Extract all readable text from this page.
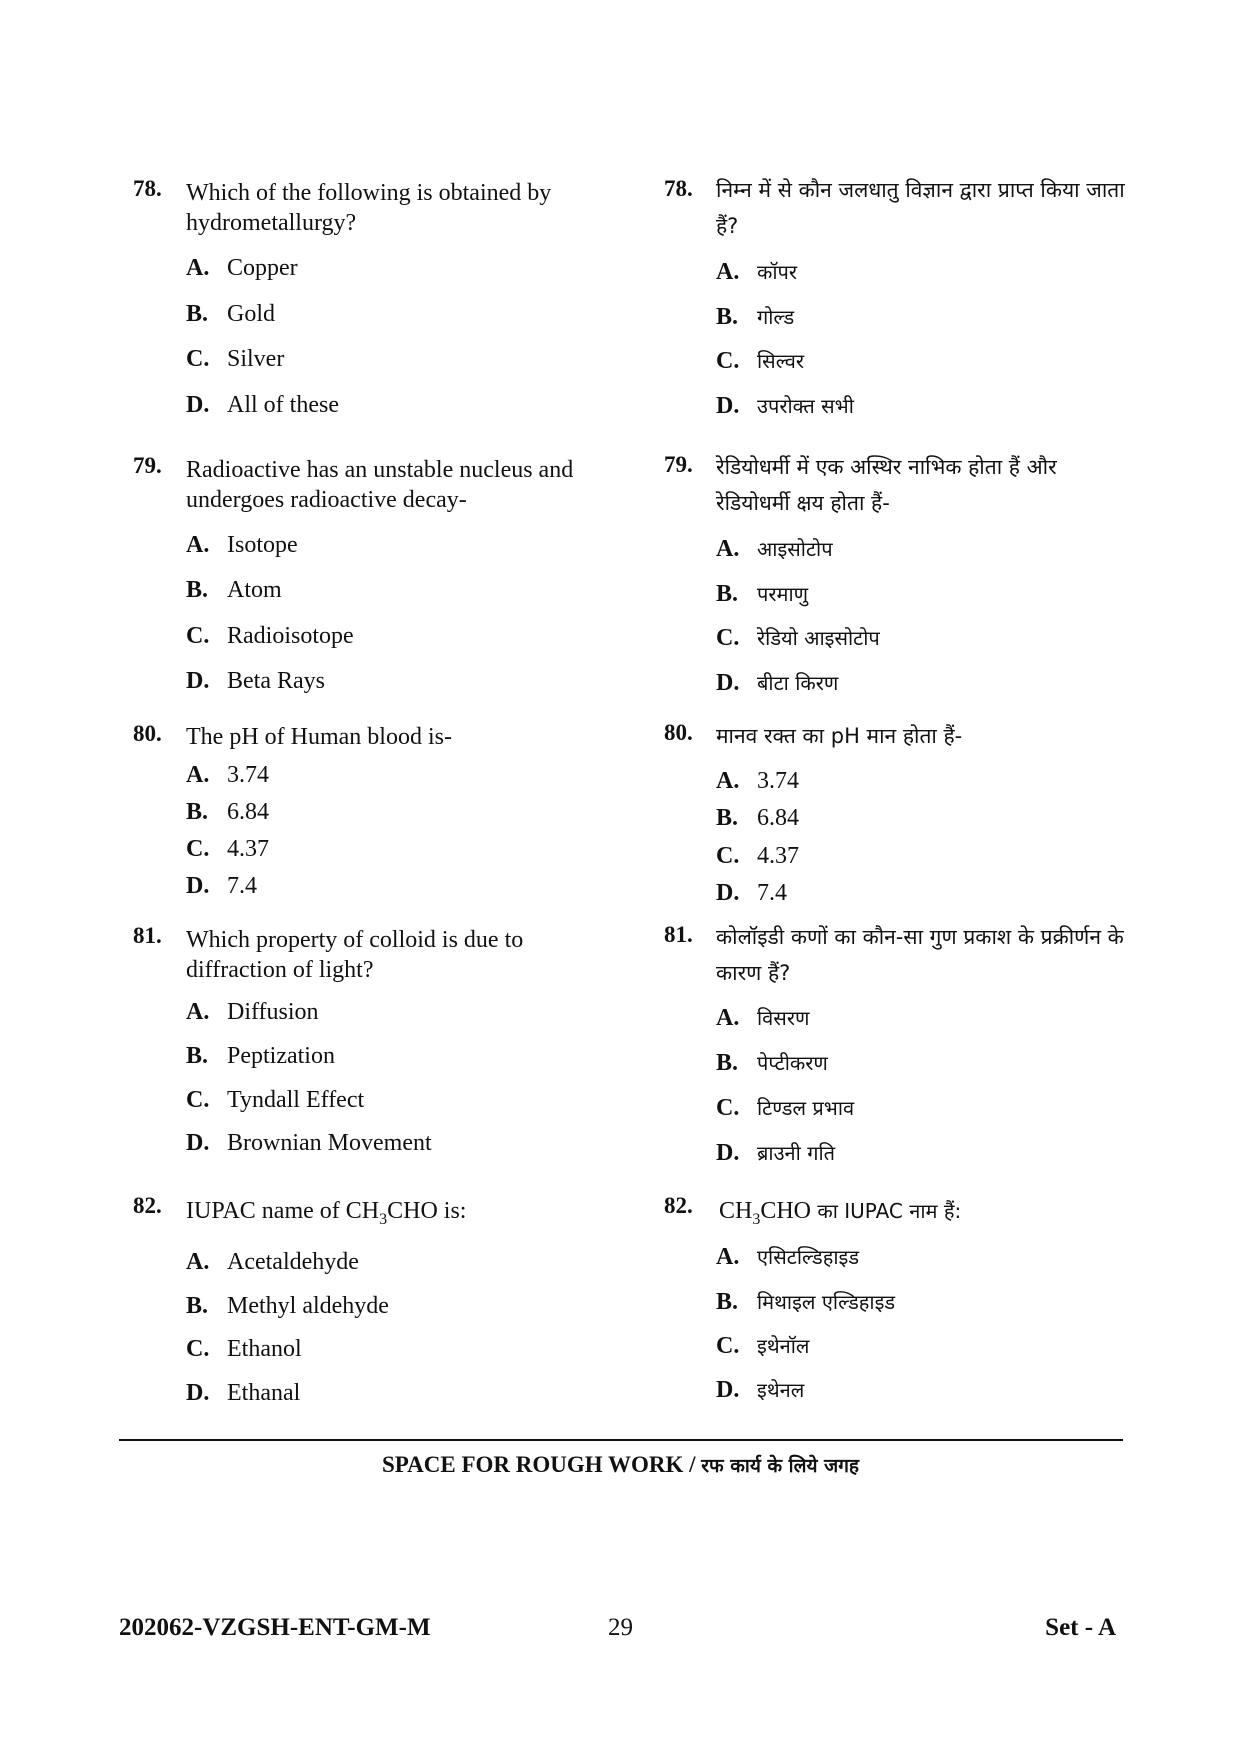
78. Which of the following is obtained by hydrometallurgy?
A. Copper
B. Gold
C. Silver
D. All of these
79. Radioactive has an unstable nucleus and undergoes radioactive decay-
A. Isotope
B. Atom
C. Radioisotope
D. Beta Rays
80. The pH of Human blood is-
A. 3.74
B. 6.84
C. 4.37
D. 7.4
81. Which property of colloid is due to diffraction of light?
A. Diffusion
B. Peptization
C. Tyndall Effect
D. Brownian Movement
82. IUPAC name of $CH_3CHO$ is:
A. Acetaldehyde
B. Methyl aldehyde
C. Ethanol
D. Ethanal
78. निम्न में से कौन जलधातु विज्ञान द्वारा प्राप्त किया जाता हैं?
A. कॉपर
B. गोल्ड
C. सिल्वर
D. उपरोक्त सभी
79. रेडियोधर्मी में एक अस्थिर नाभिक होता हैं और रेडियोधर्मी क्षय होता हैं-
A. आइसोटोप
B. परमाणु
C. रेडियो आइसोटोप
D. बीटा किरण
80. मानव रक्त का pH मान होता हैं-
A. 3.74
B. 6.84
C. 4.37
D. 7.4
81. कोलॉइडी कणों का कौन-सा गुण प्रकाश के प्रक्रीर्णन के कारण हैं?
A. विसरण
B. पेप्टीकरण
C. टिण्डल प्रभाव
D. ब्राउनी गति
82. $CH_3CHO$ का IUPAC नाम हैं:
A. एसिटल्डिहाइड
B. मिथाइल एल्डिहाइड
C. इथेनॉल
D. इथेनल
SPACE FOR ROUGH WORK / रफ कार्य के लिये जगह
202062-VZGSH-ENT-GM-M	29	Set - A
